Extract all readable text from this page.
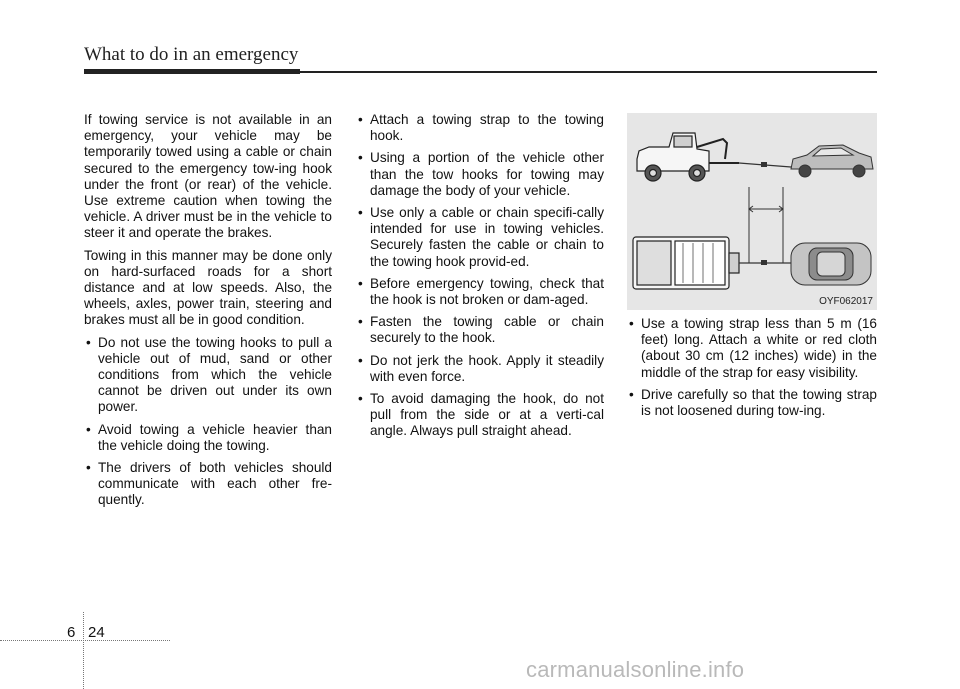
What to do in an emergency

If towing service is not available in an emergency, your vehicle may be temporarily towed using a cable or chain secured to the emergency tow-ing hook under the front (or rear) of the vehicle. Use extreme caution when towing the vehicle. A driver must be in the vehicle to steer it and operate the brakes.

Towing in this manner may be done only on hard-surfaced roads for a short distance and at low speeds. Also, the wheels, axles, power train, steering and brakes must all be in good condition.

• Do not use the towing hooks to pull a vehicle out of mud, sand or other conditions from which the vehicle cannot be driven out under its own power.
• Avoid towing a vehicle heavier than the vehicle doing the towing.
• The drivers of both vehicles should communicate with each other fre-quently.
• Attach a towing strap to the towing hook.
• Using a portion of the vehicle other than the tow hooks for towing may damage the body of your vehicle.
• Use only a cable or chain specifi-cally intended for use in towing vehicles. Securely fasten the cable or chain to the towing hook provid-ed.
• Before emergency towing, check that the hook is not broken or dam-aged.
• Fasten the towing cable or chain securely to the hook.
• Do not jerk the hook. Apply it steadily with even force.
• To avoid damaging the hook, do not pull from the side or at a verti-cal angle. Always pull straight ahead.
OYF062017
• Use a towing strap less than 5 m (16 feet) long. Attach a white or red cloth (about 30 cm (12 inches) wide) in the middle of the strap for easy visibility.
• Drive carefully so that the towing strap is not loosened during tow-ing.
6 24
carmanualsonline.info
